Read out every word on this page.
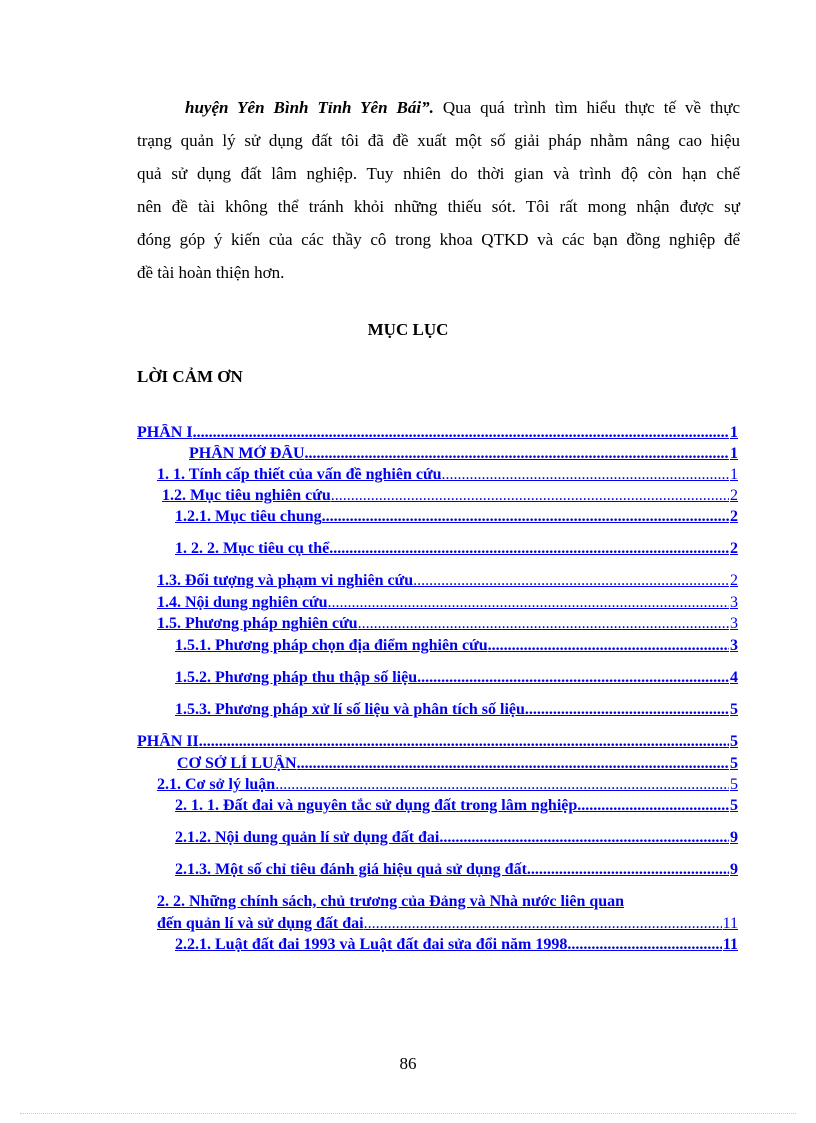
huyện Yên Bình Tỉnh Yên Bái”. Qua quá trình tìm hiểu thực tế về thực
trạng quản lý sử dụng đất tôi đã đề xuất một số giải pháp nhằm nâng cao hiệu
quả sử dụng đất lâm nghiệp. Tuy nhiên do thời gian và trình độ còn hạn chế
nên đề tài không thể tránh khỏi những thiếu sót. Tôi rất mong nhận được sự
đóng góp ý kiến của các thầy cô trong khoa QTKD và các bạn đồng nghiệp để
đề tài hoàn thiện hơn.
MỤC LỤC
LỜI CẢM ƠN
PHẦN I .....	1
PHẦN MỞ ĐẦU .....	1
1. 1. Tính cấp thiết của vấn đề nghiên cứu .....	1
1.2. Mục tiêu nghiên cứu .....	2
1.2.1. Mục tiêu chung .....	2
1. 2. 2. Mục tiêu cụ thể .....	2
1.3. Đối tượng và phạm vi nghiên cứu .....	2
1.4. Nội dung nghiên cứu .....	3
1.5. Phương pháp nghiên cứu .....	3
1.5.1. Phương pháp chọn địa điểm nghiên cứu .....	3
1.5.2. Phương pháp thu thập số liệu .....	4
1.5.3. Phương pháp xử lí số liệu và phân tích số liệu .....	5
PHẦN II .....	5
CƠ SỞ LÍ LUẬN .....	5
2.1. Cơ sở lý luận .....	5
2. 1. 1. Đất đai và nguyên tắc sử dụng đất trong lâm nghiệp .....	5
2.1.2. Nội dung quản lí sử dụng đất đai .....	9
2.1.3. Một số chỉ tiêu đánh giá hiệu quả sử dụng đất .....	9
2. 2. Những chính sách, chủ trương của Đảng và Nhà nước liên quan
đến quản lí và sử dụng đất đai .....	11
2.2.1. Luật đất đai 1993 và Luật đất đai sửa đổi năm 1998 .....	11
86
